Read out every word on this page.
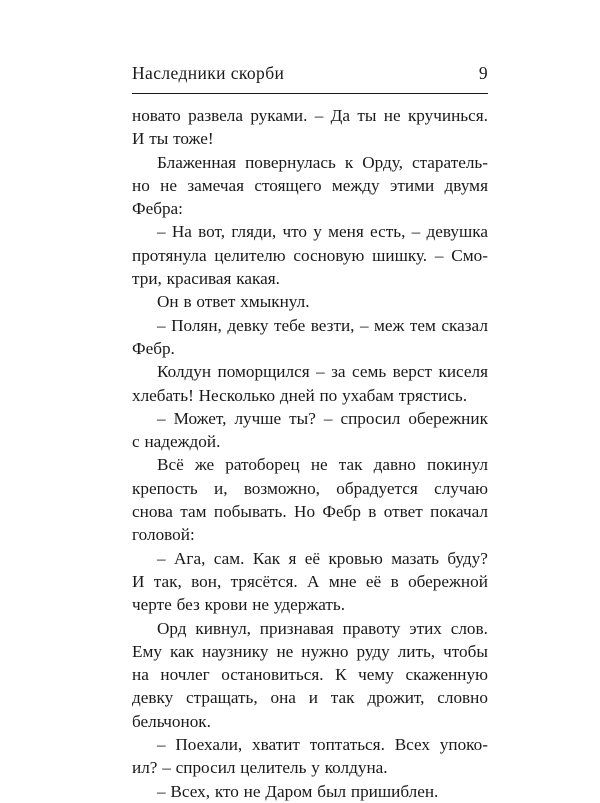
Наследники скорби	9
новато развела руками. – Да ты не кручинься.
И ты тоже!
Блаженная повернулась к Орду, старатель-
но не замечая стоящего между этими двумя
Фебра:
– На вот, гляди, что у меня есть, – девушка
протянула целителю сосновую шишку. – Смо-
три, красивая какая.
Он в ответ хмыкнул.
– Полян, девку тебе везти, – меж тем сказал
Фебр.
Колдун поморщился – за семь верст киселя
хлебать! Несколько дней по ухабам трястись.
– Может, лучше ты? – спросил обережник
с надеждой.
Всё же ратоборец не так давно покинул
крепость и, возможно, обрадуется случаю
снова там побывать. Но Фебр в ответ покачал
головой:
– Ага, сам. Как я её кровью мазать буду?
И так, вон, трясётся. А мне её в обережной
черте без крови не удержать.
Орд кивнул, признавая правоту этих слов.
Ему как наузнику не нужно руду лить, чтобы
на ночлег остановиться. К чему скаженную
девку стращать, она и так дрожит, словно
бельчонок.
– Поехали, хватит топтаться. Всех упоко-
ил? – спросил целитель у колдуна.
– Всех, кто не Даром был пришиблен.
